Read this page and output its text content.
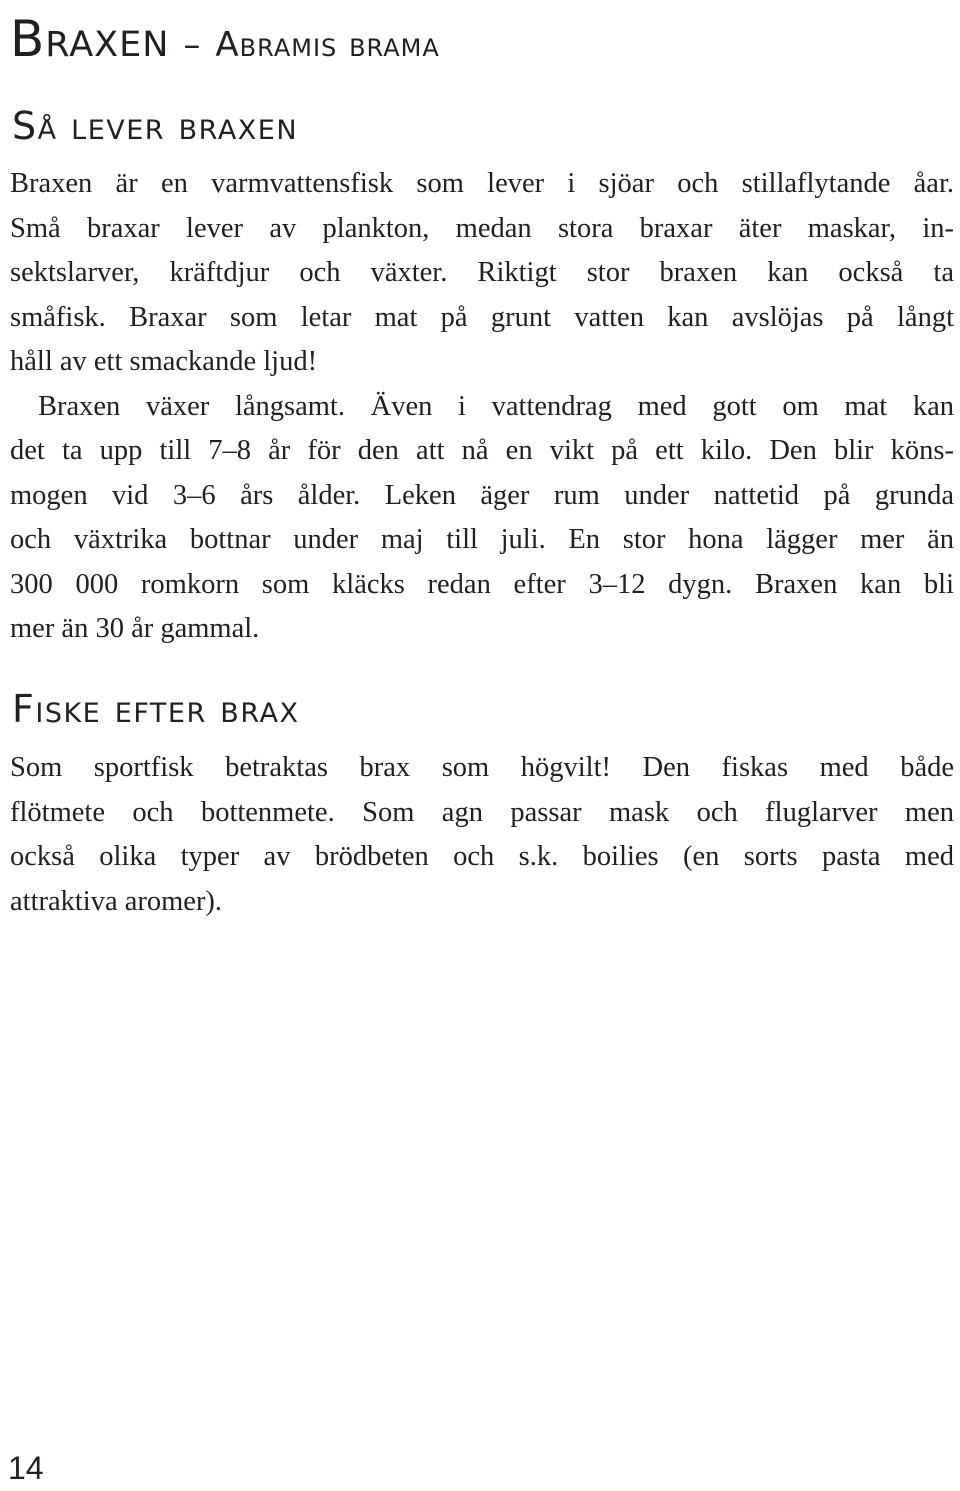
Braxen – Abramis brama
Så lever braxen
Braxen är en varmvattensfisk som lever i sjöar och stillaflytande åar.
Små braxar lever av plankton, medan stora braxar äter maskar, in-
sektslarver, kräftdjur och växter. Riktigt stor braxen kan också ta
småfisk. Braxar som letar mat på grunt vatten kan avslöjas på långt
håll av ett smackande ljud!
Braxen växer långsamt. Även i vattendrag med gott om mat kan
det ta upp till 7–8 år för den att nå en vikt på ett kilo. Den blir köns-
mogen vid 3–6 års ålder. Leken äger rum under nattetid på grunda
och växtrika bottnar under maj till juli. En stor hona lägger mer än
300 000 romkorn som kläcks redan efter 3–12 dygn. Braxen kan bli
mer än 30 år gammal.
Fiske efter brax
Som sportfisk betraktas brax som högvilt! Den fiskas med både
flötmete och bottenmete. Som agn passar mask och fluglarver men
också olika typer av brödbeten och s.k. boilies (en sorts pasta med
attraktiva aromer).
14
